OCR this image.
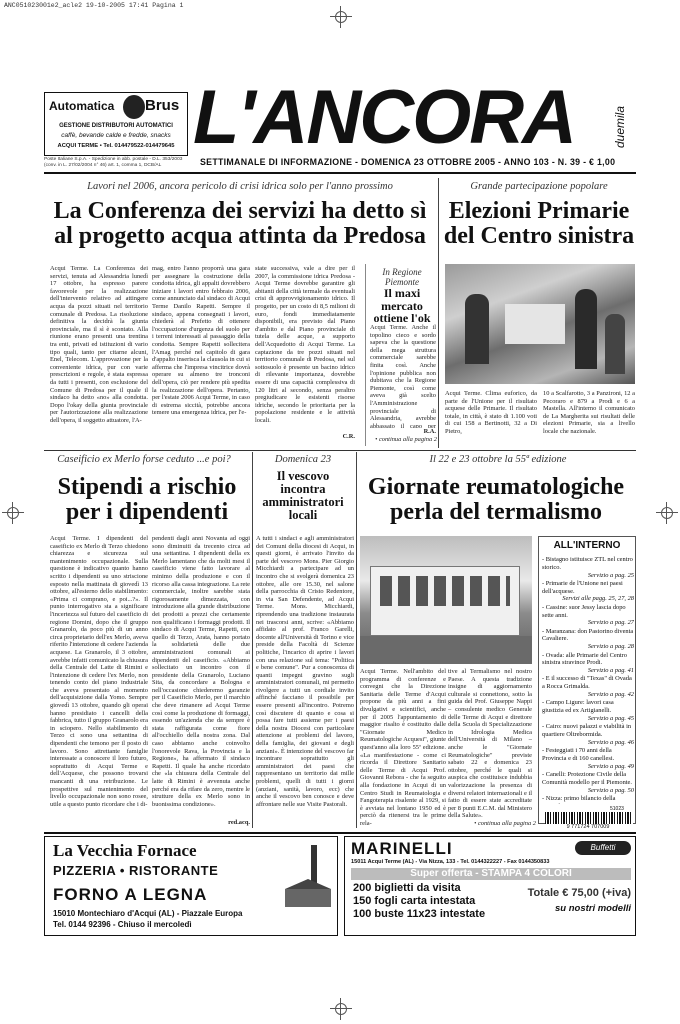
ANC051023001e2_acle2 19-10-2005 17:41 Pagina 1
Automatica Brus
GESTIONE DISTRIBUTORI AUTOMATICI
caffè, bevande calde e fredde, snacks
ACQUI TERME • Tel. 014479522-014479645 L'ANCORA	duemila
Poste Italiane S.p.A. - Spedizione in abb. postale - D.L. 353/2003 (conv. in L. 27/02/2004 n° 46) art. 1, comma 1, DCB/AL	SETTIMANALE DI INFORMAZIONE - DOMENICA 23 OTTOBRE 2005 - ANNO 103 - N. 39 - € 1,00
Lavori nel 2006, ancora pericolo di crisi idrica solo per l'anno prossimo
La Conferenza dei servizi ha detto sì al progetto acqua attinta da Predosa
Acqui Terme. La Conferenza dei servizi, tenuta ad Alessandria lunedì 17 ottobre, ha espresso parere favorevole per la realizzazione dell'intervento relativo ad attingere acqua da pozzi situati nel territorio comunale di Predosa. La risoluzione definitiva la decidrà la giunta provinciale, ma il sì è scontato. Alla riunione erano presenti una trentina tra enti, privati ed istituzioni di vario tipo quali, tanto per citarne alcuni, Enel, Telecom. L'approvazione per la conveniente idrica, pur con varie prescrizioni e regole, è stata espressa da tutti i presenti, con esclusione del Comune di Predosa per il quale il sindaco ha detto «no» alla condotta. Dopo l'okay della giunta provinciale per l'autorizzazione alla realizzazione dell'opera, il soggetto attuatore, l'A-
mag, entro l'anno proporrà una gara per assegnare la costruzione della condotta idrica, gli appalti dovrebbero iniziare i lavori entro febbraio 2006, come annunciato dal sindaco di Acqui Terme Danilo Rapetti. Sempre il sindaco, appena consegnati i lavori, chiederà al Prefetto di ottenere l'occupazione d'urgenza del suolo per i terreni interessati al passaggio della condotta. Sempre Rapetti sollecitera l'Amag perché nel capitolo di gara d'appalto inserisca la clausola in cui si afferma che l'impresa vincitrice dovrà operare su almeno tre tronconi dell'opera, ciò per rendere più spedita la realizzazione dell'opera. Pertanto, per l'estate 2006 Acqui Terme, in caso di estrema siccità, potrebbe ancora temere una emergenza idrica, per l'e-
state successiva, vale a dire per il 2007, la commissione idrica Predosa - Acqui Terme dovrebbe garantire gli abitanti della città termale da eventuali crisi di approvvigionamento idrico. Il progetto, per un costo di 8,5 milioni di euro, fondi immediatamente disponibili, era previsto dal Piano d'ambito e dal Piano provinciale di tutela delle acque, a supporto dell'Acquedotto di Acqui Terme. La captazione da tre pozzi situati nel territorio comunale di Predosa, nel sul sottosuolo è presente un bacino idrico di rilevante importanza, dovrebbe essere di una capacità complessiva di 120 litri al secondo, senza peraltro pregiudicare le esistenti risorse idriche, secondo le prioritaria per la popolazione residente e le attività locali.
C.R.
In Regione Piemonte
Il maxi mercato ottiene l'ok
Acqui Terme. Anche il topolino cieco e sordo sapeva che la questione della mega struttura commerciale sarebbe finita così. Anche l'opinione pubblica non dubitava che la Regione Piemonte, così come aveva già scelto l'Amministrazione provinciale di Alessandria, avrebbe abbassato il capo per
R.A.
• continua alla pagina 2
Grande partecipazione popolare
Elezioni Primarie del Centro sinistra
Acqui Terme. Clima euforico, da parte de l'Unione per il risultato acquese delle Primarie. Il risultato totale, in città, è stato di 1.100 voti di cui 158 a Bertinotti, 32 a Di Pietro,
10 a Scalfarotto, 3 a Panzironi, 12 a Pecoraro e 879 a Prodi e 6 a Mastella. All'interno il comunicato de La Margherita sui risultati delle elezioni Primarie, sia a livello locale che nazionale.
Caseificio ex Merlo forse ceduto ...e poi?
Stipendi a rischio per i dipendenti
Acqui Terme. I dipendenti del caseificio ex Merlo di Terzo chiedono chiarezza e sicurezza sul mantenimento occupazionale. Sulla questione è indicativo quanto hanno scritto i dipendenti su uno striscione esposto nella mattinata di giovedì 13 ottobre, all'esterno dello stabilimento: «Prima ci comprano, e poi...?». Il punto interrogativo sta a significare l'incertezza sul futuro del caseificio di regione Domini, dopo che il gruppo Granarolo, da poco più di un anno circa proprietario dell'ex Merlo, aveva riferito l'intenzione di cedere l'azienda acquese. La Granarolo, il 3 ottobre, avrebbe infatti comunicato la chiusura della Centrale del Latte di Rimini e l'intenzione di cedere l'ex Merlo, non tenendo conto del piano industriale che aveva presentato al momento dell'acquisizione dalla Yomo. Sempre giovedì 13 ottobre, quando gli operai hanno presidiato i cancelli della fabbrica, tutto il gruppo Granarolo era in sciopero. Nello stabilimento di Terzo ci sono una settantina di dipendenti che temono per il posto di lavoro. Sono attrettante famiglie interessate a conoscere il loro futuro, soprattutto di Acqui Terme e dell'Acquese, che possono trovarsi mancanti di una retribuzione. Le prospettive sul mantenimento del livello occupazionale non sono rosee, utile a questo punto ricordare che i di-
pendenti dagli anni Novanta ad oggi sono diminuiti da trecento circa ad una settantina. I dipendenti della ex Merlo lamentano che da molti mesi il caseificio viene fatto lavorare al minimo della produzione e con il ricorso alla cassa integrazione. La rete commerciale, inoltre sarebbe stata rigorosamente dimezzata, con introduzione alla grande distribuzione dei prodotti a prezzi che certamente non qualificano i formaggi prodotti. Il sindaco di Acqui Terme, Rapetti, con quello di Terzo, Arata, hanno portato la solidarietà delle due amministrazioni comunali ai dipendenti del caseificio. «Abbiamo sollecitato un incontro con il presidente della Granarolo, Luciano Sita, da concordare a Bologna e nell'occasione chiederemo garanzie per il Caseificio Merlo, per il marchio che deve rimanere ad Acqui Terme così come la produzione di formaggi, essendo un'azienda che da sempre è stata raffigurata come fiore all'occhiello della nostra zona. Dal caso abbiamo anche coinvolto l'onorevole Rava, la Provincia e la Regione», ha affermato il sindaco Rapetti. Il quale ha anche ricordato che «la chiusura della Centrale del latte di Rimini è avvenuta anche perché era da rifare da zero, mentre le strutture della ex Merlo sono in buonissima condizione».
red.acq.
Domenica 23
Il vescovo incontra amministratori locali
A tutti i sindaci e agli amministratori dei Comuni della diocesi di Acqui, in questi giorni, è arrivato l'invito da parte del vescovo Mons. Pier Giorgio Micchiardi a partecipare ad un incontro che si svolgerà domenica 23 ottobre, alle ore 15.30, nel salone della parrocchia di Cristo Redentore, in via San Defendente, ad Acqui Terme. Mons. Micchiardi, riprendendo una tradizione instaurata nei trascorsi anni, scrive: «Abbiamo affidato al prof. Franco Garelli, docente all'Università di Torino e vice preside della Facoltà di Scienze politiche, l'incarico di aprire i lavori con una relazione sul tema: "Politica e bene comune". Pur a conoscenza di quanti impegni gravino sugli amministratori comunali, mi permetto rivolgere a tutti un cordiale invito affinché facciano il possibile per essere presenti all'incontro. Potremo così discutere di quanto e cosa si possa fare tutti assieme per i paesi della nostra Diocesi con particolare attenzione ai problemi del lavoro, della famiglia, dei giovani e degli anziani». È intenzione del vescovo far incontrare soprattutto gli amministratori dei paesi che rappresentano un territorio dai mille problemi, quelli di tutti i giorni (anziani, sanità, lavoro, ecc) che anche il vescovo ben conosce e deve affrontare nelle sue Visite Pastorali.
Il 22 e 23 ottobre la 55ª edizione
Giornate reumatologiche perla del termalismo
Acqui Terme. Nell'ambito del programma di conferenze e convegni che la Direzione Sanitaria delle Terme d'Acqui propone da più anni a fini divulgativi e scientifici, anche per il 2005 l'appuntamento di maggior risalto è costituito dalle "Giornate Medico Reumatologiche Acquesi", giunte quest'anno alla loro 55ª edizione. «La manifestazione - come ci ricorda il Direttore Sanitario delle Terme di Acqui Prof. Giovanni Rebora - che fa seguito alla fondazione in Acqui di un Centro Studi in Reumatologia e Fangoterapia risalente al 1929, si è avviata nel lontano 1950 ed è perciò da ritenersi tra le prime rela-
tive al Termalismo nel nostro Paese. A questa tradizione insigne di aggiornamento culturale si connettono, sotto la guida del Prof. Giuseppe Nappi – consulente medico Generale delle Terme di Acqui e direttore della Scuola di Specializzazione in Idrologia Medica dell'Università di Milano – anche le "Giornate Reumatologiche" previste sabato 22 e domenica 23 ottobre, perché le quali si auspica che costituisce indubbia valorizzazione la presenza di diversi relatori internazionali e il fatto di essere state accreditate per 8 punti E.C.M. dal Ministero della Salute».
• continua alla pagina 2
ALL'INTERNO
- Bistagno istituisce ZTL nel centro storico.
Servizio a pag. 25
- Primarie de l'Unione nei paesi dell'acquese.
Servizi alle pagg. 25, 27, 28
- Cassine: suor Jessy lascia dopo sette anni.
Servizio a pag. 27
- Maranzana: don Pastorino diventa Cavaliere.
Servizio a pag. 28
- Ovada: alle Primarie del Centro sinistra stravince Prodi.
Servizio a pag. 41
- E il successo di "Texas" di Ovada a Rocca Grimalda.
Servizio a pag. 42
- Campo Ligure: lavori casa giustizia ed ex Artigianelli.
Servizio a pag. 45
- Cairo: nuovi palazzi e viabilità in quartiere Oltrebormida.
Servizio a pag. 46
- Festeggiati i 70 anni della Provincia e di 160 canellesi.
Servizio a pag. 49
- Canelli: Protezione Civile della Comunità modello per il Piemonte.
Servizio a pag. 50
- Nizza: primo bilancio della
51023
9 771724 707009
La Vecchia Fornace
PIZZERIA • RISTORANTE
FORNO A LEGNA
15010 Montechiaro d'Acqui (AL) - Piazzale Europa
Tel. 0144 92396 - Chiuso il mercoledì
MARINELLI	Buffetti
15011 Acqui Terme (AL) - Via Nizza, 133 - Tel. 0144322227 - Fax 0144350833
Super offerta - STAMPA 4 COLORI
200 biglietti da visita
150 fogli carta intestata
100 buste 11x23 intestate
Totale € 75,00 (+iva)
su nostri modelli
